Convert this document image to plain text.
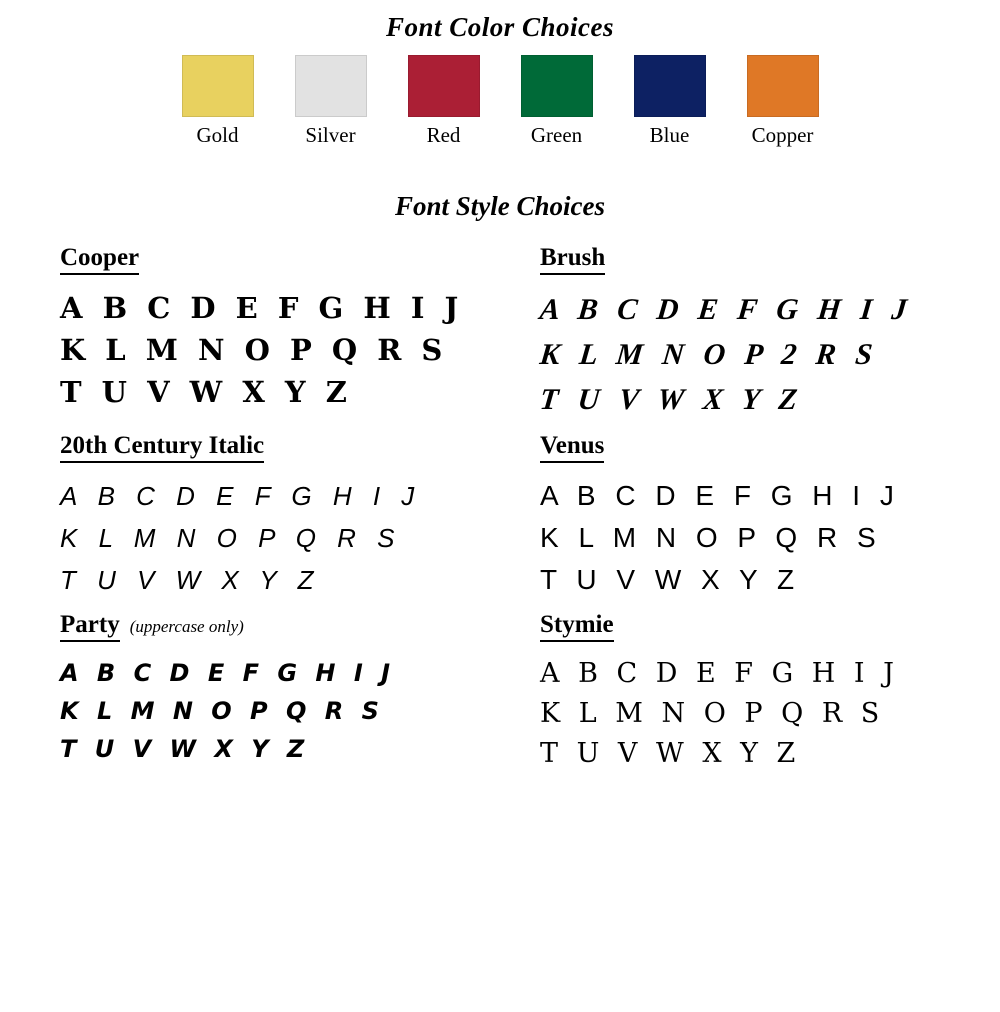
Font Color Choices
Gold	Silver	Red	Green	Blue	Copper
Font Style Choices
Cooper
A B C D E F G H I J
K L M N O P Q R S
T U V W X Y Z
Brush
A B C D E F G H I J
K L M N O P 2 R S
T U V W X Y Z
20th Century Italic
A B C D E F G H I J
K L M N O P Q R S
T U V W X Y Z
Venus
A B C D E F G H I J
K L M N O P Q R S
T U V W X Y Z
Party (uppercase only)
A B C D E F G H I J
K L M N O P Q R S
T U V W X Y Z
Stymie
A B C D E F G H I J
K L M N O P Q R S
T U V W X Y Z
